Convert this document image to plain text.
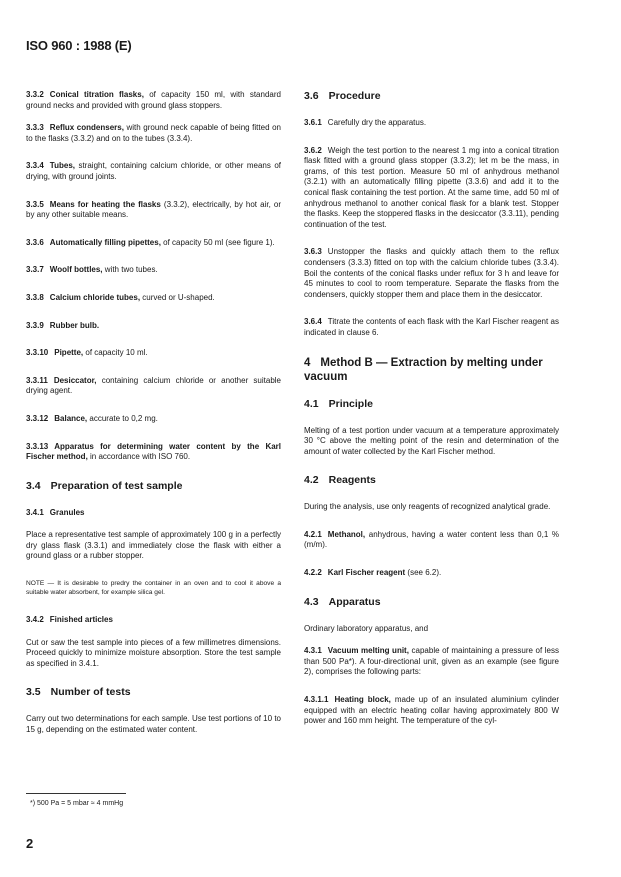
ISO 960 : 1988 (E)

3.3.2 Conical titration flasks, of capacity 150 ml, with standard ground necks and provided with ground glass stoppers.

3.3.3 Reflux condensers, with ground neck capable of being fitted on to the flasks (3.3.2) and on to the tubes (3.3.4).

3.3.4 Tubes, straight, containing calcium chloride, or other means of drying, with ground joints.

3.3.5 Means for heating the flasks (3.3.2), electrically, by hot air, or by any other suitable means.

3.3.6 Automatically filling pipettes, of capacity 50 ml (see figure 1).

3.3.7 Woolf bottles, with two tubes.

3.3.8 Calcium chloride tubes, curved or U-shaped.

3.3.9 Rubber bulb.

3.3.10 Pipette, of capacity 10 ml.

3.3.11 Desiccator, containing calcium chloride or another suitable drying agent.

3.3.12 Balance, accurate to 0,2 mg.

3.3.13 Apparatus for determining water content by the Karl Fischer method, in accordance with ISO 760.

3.4 Preparation of test sample

3.4.1 Granules

Place a representative test sample of approximately 100 g in a perfectly dry glass flask (3.3.1) and immediately close the flask with either a ground glass or a rubber stopper.

NOTE — It is desirable to predry the container in an oven and to cool it above a suitable water absorbent, for example silica gel.

3.4.2 Finished articles

Cut or saw the test sample into pieces of a few millimetres dimensions. Proceed quickly to minimize moisture absorption. Store the test sample as specified in 3.4.1.

3.5 Number of tests

Carry out two determinations for each sample. Use test portions of 10 to 15 g, depending on the estimated water content.

3.6 Procedure

3.6.1 Carefully dry the apparatus.

3.6.2 Weigh the test portion to the nearest 1 mg into a conical titration flask fitted with a ground glass stopper (3.3.2); let m be the mass, in grams, of this test portion. Measure 50 ml of anhydrous methanol (3.2.1) with an automatically filling pipette (3.3.6) and add it to the conical flask containing the test portion. At the same time, add 50 ml of anhydrous methanol to another conical flask for a blank test. Stopper the flasks. Keep the stoppered flasks in the desiccator (3.3.11), pending continuation of the test.

3.6.3 Unstopper the flasks and quickly attach them to the reflux condensers (3.3.3) fitted on top with the calcium chloride tubes (3.3.4). Boil the contents of the conical flasks under reflux for 3 h and leave for 45 minutes to cool to room temperature. Separate the flasks from the condensers, quickly stopper them and place them in the desiccator.

3.6.4 Titrate the contents of each flask with the Karl Fischer reagent as indicated in clause 6.

4 Method B — Extraction by melting under vacuum
4.1 Principle

Melting of a test portion under vacuum at a temperature approximately 30 °C above the melting point of the resin and determination of the amount of water collected by the Karl Fischer method.

4.2 Reagents

During the analysis, use only reagents of recognized analytical grade.

4.2.1 Methanol, anhydrous, having a water content less than 0,1 % (m/m).

4.2.2 Karl Fischer reagent (see 6.2).

4.3 Apparatus

Ordinary laboratory apparatus, and

4.3.1 Vacuum melting unit, capable of maintaining a pressure of less than 500 Pa*). A four-directional unit, given as an example (see figure 2), comprises the following parts:

4.3.1.1 Heating block, made up of an insulated aluminium cylinder equipped with an electric heating collar having approximately 800 W power and 160 mm height. The temperature of the cyl-

*) 500 Pa = 5 mbar ≈ 4 mmHg
2
